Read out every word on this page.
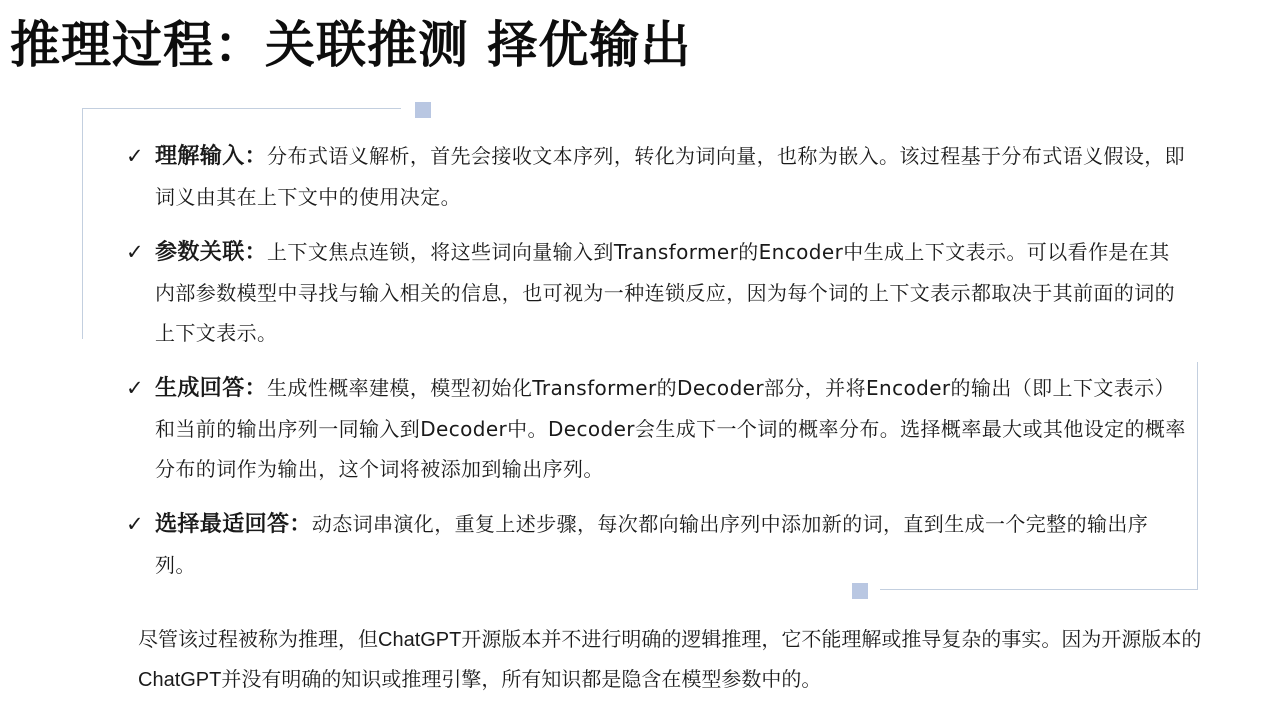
推理过程：关联推测 择优输出
✓ 理解输入：分布式语义解析，首先会接收文本序列，转化为词向量，也称为嵌入。该过程基于分布式语义假设，即词义由其在上下文中的使用决定。
✓ 参数关联：上下文焦点连锁，将这些词向量输入到Transformer的Encoder中生成上下文表示。可以看作是在其内部参数模型中寻找与输入相关的信息，也可视为一种连锁反应，因为每个词的上下文表示都取决于其前面的词的上下文表示。
✓ 生成回答：生成性概率建模，模型初始化Transformer的Decoder部分，并将Encoder的输出（即上下文表示）和当前的输出序列一同输入到Decoder中。Decoder会生成下一个词的概率分布。选择概率最大或其他设定的概率分布的词作为输出，这个词将被添加到输出序列。
✓ 选择最适回答：动态词串演化，重复上述步骤，每次都向输出序列中添加新的词，直到生成一个完整的输出序列。
尽管该过程被称为推理，但ChatGPT开源版本并不进行明确的逻辑推理，它不能理解或推导复杂的事实。因为开源版本的ChatGPT并没有明确的知识或推理引擎，所有知识都是隐含在模型参数中的。
